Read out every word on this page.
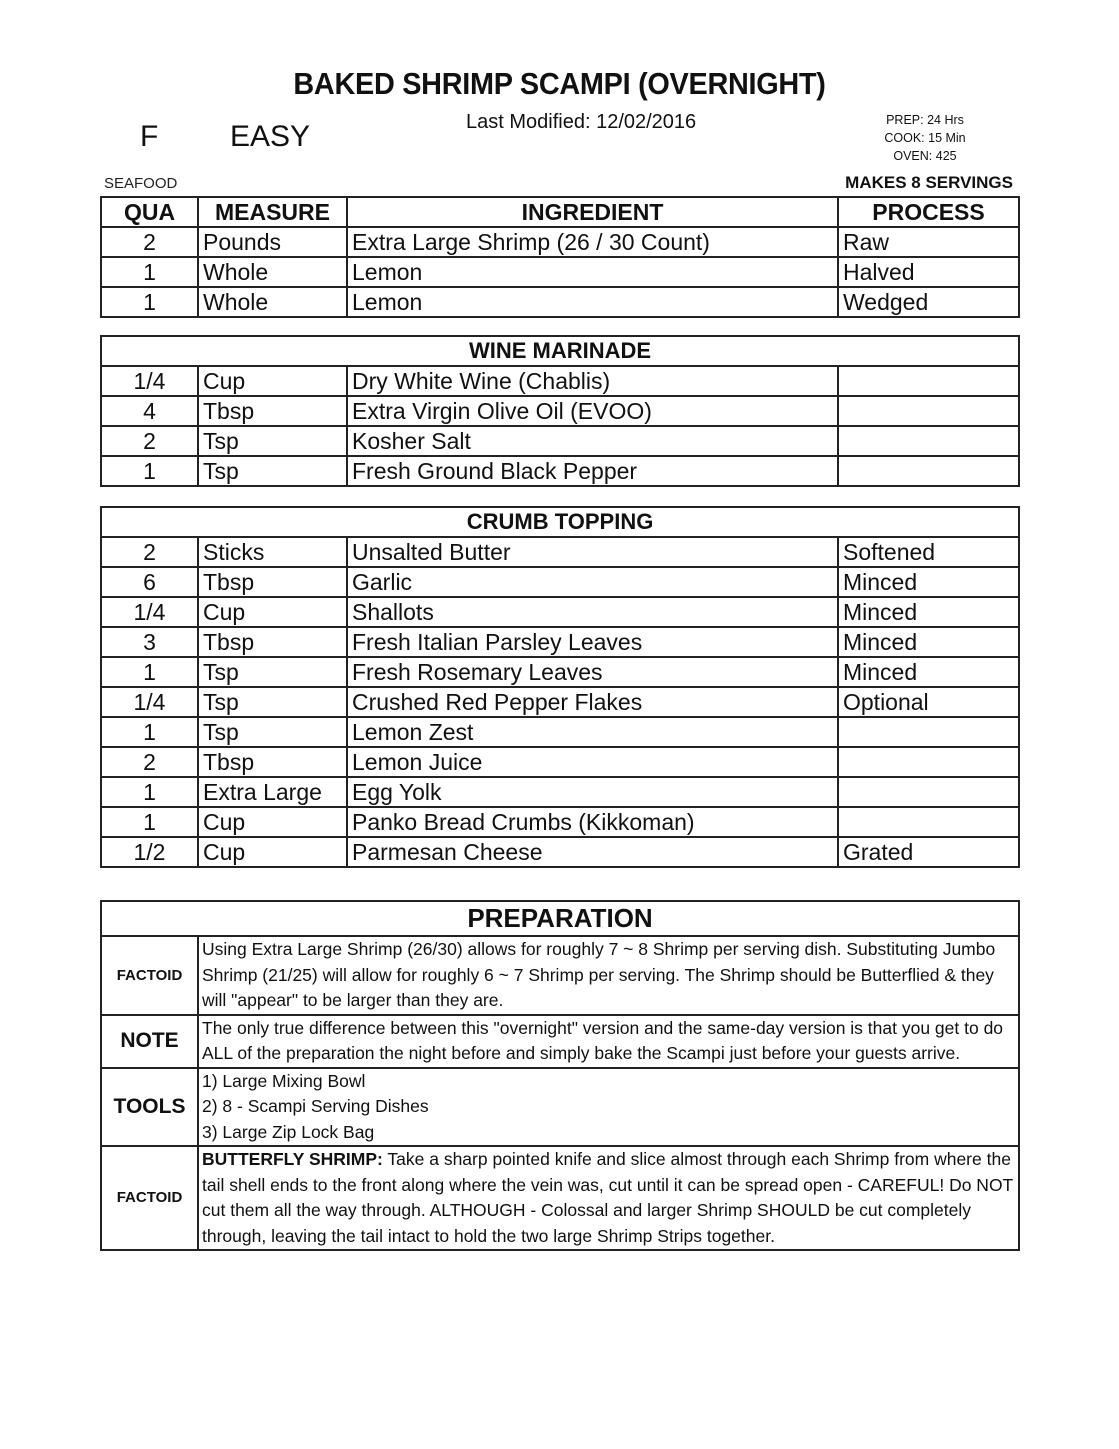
BAKED SHRIMP SCAMPI (OVERNIGHT)
F EASY	Last Modified: 12/02/2016	PREP: 24 Hrs
COOK: 15 Min
OVEN: 425
SEAFOOD	MAKES 8 SERVINGS
QUA	MEASURE	INGREDIENT	PROCESS
2	Pounds	Extra Large Shrimp (26 / 30 Count)	Raw
1	Whole	Lemon	Halved
1	Whole	Lemon	Wedged
WINE MARINADE			
1/4	Cup	Dry White Wine (Chablis)	
4	Tbsp	Extra Virgin Olive Oil (EVOO)	
2	Tsp	Kosher Salt	
1	Tsp	Fresh Ground Black Pepper	
CRUMB TOPPING			
2	Sticks	Unsalted Butter	Softened
6	Tbsp	Garlic	Minced
1/4	Cup	Shallots	Minced
3	Tbsp	Fresh Italian Parsley Leaves	Minced
1	Tsp	Fresh Rosemary Leaves	Minced
1/4	Tsp	Crushed Red Pepper Flakes	Optional
1	Tsp	Lemon Zest	
2	Tbsp	Lemon Juice	
1	Extra Large	Egg Yolk	
1	Cup	Panko Bread Crumbs (Kikkoman)	
1/2	Cup	Parmesan Cheese	Grated
PREPARATION	
FACTOID	Using Extra Large Shrimp (26/30) allows for roughly 7 ~ 8 Shrimp per serving dish. Substituting Jumbo Shrimp (21/25) will allow for roughly 6 ~ 7 Shrimp per serving. The Shrimp should be Butterflied & they will "appear" to be larger than they are.
NOTE	The only true difference between this "overnight" version and the same-day version is that you get to do ALL of the preparation the night before and simply bake the Scampi just before your guests arrive.
TOOLS	1) Large Mixing Bowl
2) 8 - Scampi Serving Dishes
3) Large Zip Lock Bag

FACTOID	BUTTERFLY SHRIMP: Take a sharp pointed knife and slice almost through each Shrimp from where the tail shell ends to the front along where the vein was, cut until it can be spread open - CAREFUL! Do NOT cut them all the way through. ALTHOUGH - Colossal and larger Shrimp SHOULD be cut completely through, leaving the tail intact to hold the two large Shrimp Strips together.
